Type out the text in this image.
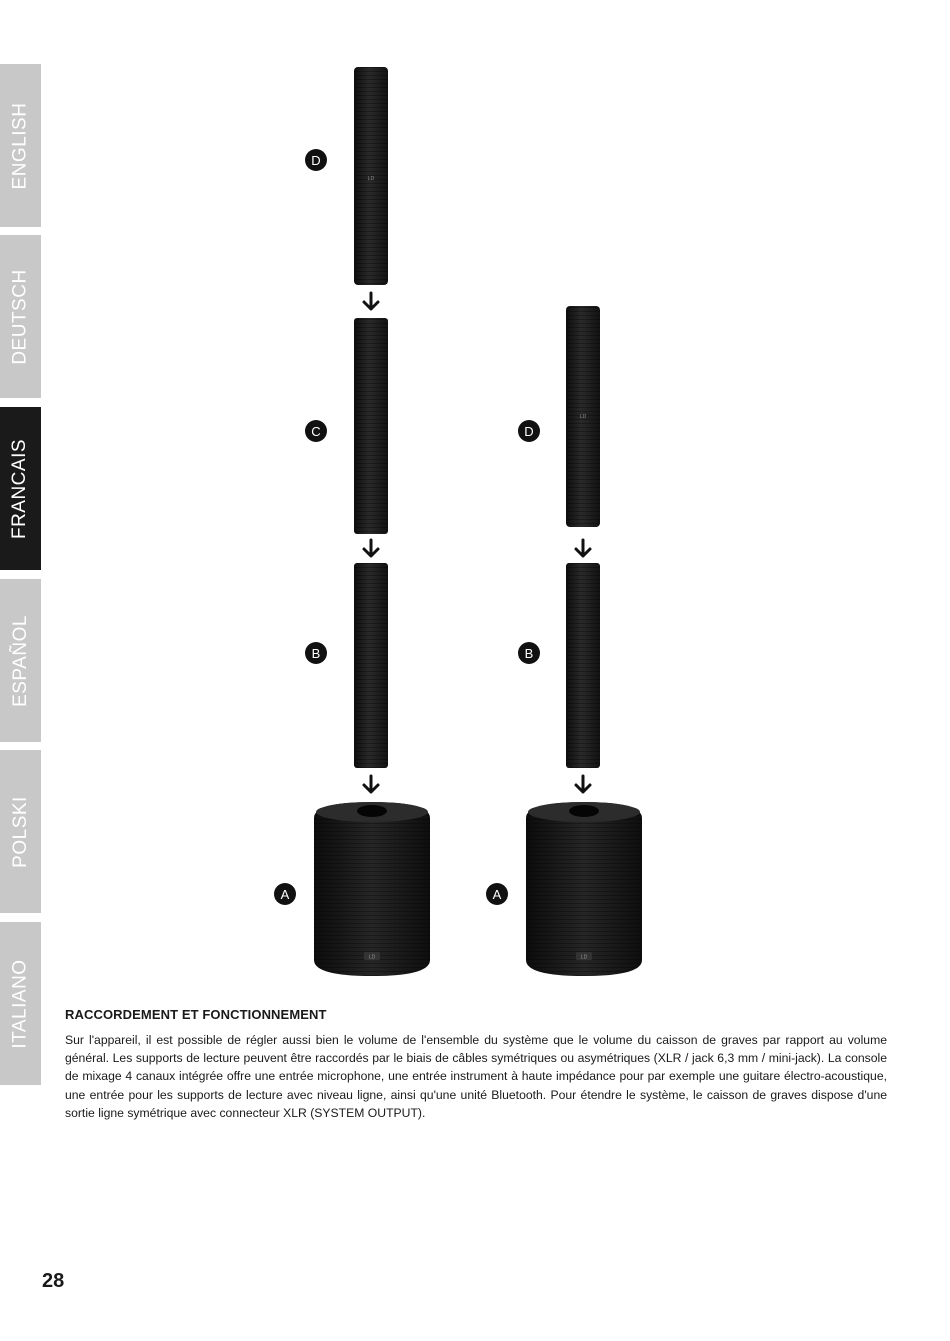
ENGLISH
DEUTSCH
FRANCAIS
ESPAÑOL
POLSKI
ITALIANO
LD
LD
D
C
B
A
LD
LD
D
B
A
RACCORDEMENT ET FONCTIONNEMENT

Sur l'appareil, il est possible de régler aussi bien le volume de l'ensemble du système que le volume du caisson de graves par rapport au volume général. Les supports de lecture peuvent être raccordés par le biais de câbles symétriques ou asymétriques (XLR / jack 6,3 mm / mini-jack). La console de mixage 4 canaux intégrée offre une entrée microphone, une entrée instrument à haute impédance pour par exemple une guitare électro-acoustique, une entrée pour les supports de lecture avec niveau ligne, ainsi qu'une unité Bluetooth. Pour étendre le système, le caisson de graves dispose d'une sortie ligne symétrique avec connecteur XLR (SYSTEM OUTPUT).

28
